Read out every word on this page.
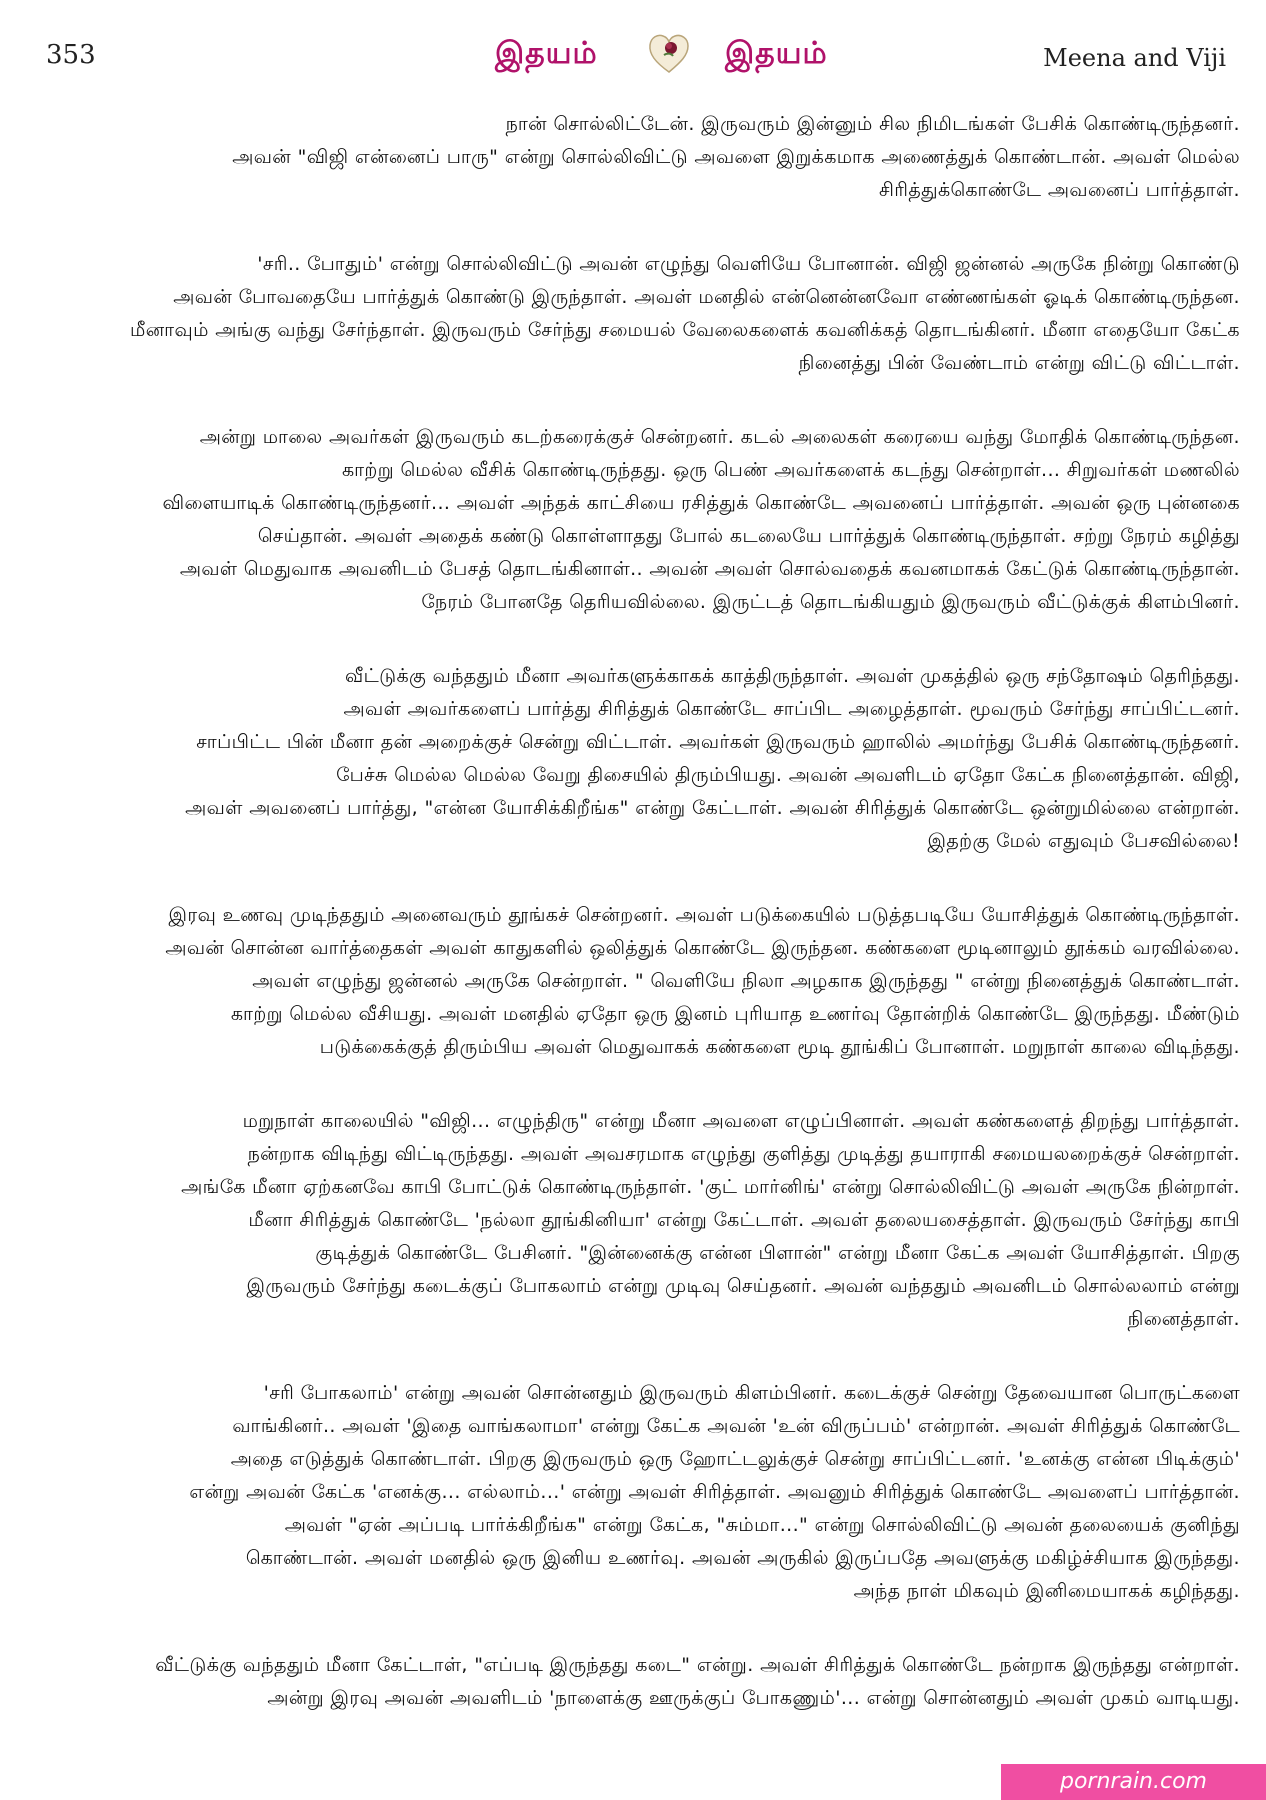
353	இதயம்	இதயம்	Meena and Viji
நான் சொல்லிட்டேன். இருவரும் இன்னும் சில நிமிடங்கள் பேசிக் கொண்டிருந்தனர்.
அவன் "விஜி என்னைப் பாரு" என்று சொல்லிவிட்டு அவளை இறுக்கமாக அணைத்துக் கொண்டான். அவள் மெல்ல
சிரித்துக்கொண்டே அவனைப் பார்த்தாள்.
'சரி.. போதும்' என்று சொல்லிவிட்டு அவன் எழுந்து வெளியே போனான். விஜி ஜன்னல் அருகே நின்று கொண்டு
அவன் போவதையே பார்த்துக் கொண்டு இருந்தாள். அவள் மனதில் என்னென்னவோ எண்ணங்கள் ஓடிக் கொண்டிருந்தன.
மீனாவும் அங்கு வந்து சேர்ந்தாள். இருவரும் சேர்ந்து சமையல் வேலைகளைக் கவனிக்கத் தொடங்கினர். மீனா எதையோ கேட்க
நினைத்து பின் வேண்டாம் என்று விட்டு விட்டாள்.
அன்று மாலை அவர்கள் இருவரும் கடற்கரைக்குச் சென்றனர். கடல் அலைகள் கரையை வந்து மோதிக் கொண்டிருந்தன.
காற்று மெல்ல வீசிக் கொண்டிருந்தது. ஒரு பெண் அவர்களைக் கடந்து சென்றாள்... சிறுவர்கள் மணலில்
விளையாடிக் கொண்டிருந்தனர்... அவள் அந்தக் காட்சியை ரசித்துக் கொண்டே அவனைப் பார்த்தாள். அவன் ஒரு புன்னகை
செய்தான். அவள் அதைக் கண்டு கொள்ளாதது போல் கடலையே பார்த்துக் கொண்டிருந்தாள். சற்று நேரம் கழித்து
அவள் மெதுவாக அவனிடம் பேசத் தொடங்கினாள்.. அவன் அவள் சொல்வதைக் கவனமாகக் கேட்டுக் கொண்டிருந்தான்.
நேரம் போனதே தெரியவில்லை. இருட்டத் தொடங்கியதும் இருவரும் வீட்டுக்குக் கிளம்பினர்.
வீட்டுக்கு வந்ததும் மீனா அவர்களுக்காகக் காத்திருந்தாள். அவள் முகத்தில் ஒரு சந்தோஷம் தெரிந்தது.
அவள் அவர்களைப் பார்த்து சிரித்துக் கொண்டே சாப்பிட அழைத்தாள். மூவரும் சேர்ந்து சாப்பிட்டனர்.
சாப்பிட்ட பின் மீனா தன் அறைக்குச் சென்று விட்டாள். அவர்கள் இருவரும் ஹாலில் அமர்ந்து பேசிக் கொண்டிருந்தனர்.
பேச்சு மெல்ல மெல்ல வேறு திசையில் திரும்பியது. அவன் அவளிடம் ஏதோ கேட்க நினைத்தான். விஜி,
அவள் அவனைப் பார்த்து, "என்ன யோசிக்கிறீங்க" என்று கேட்டாள். அவன் சிரித்துக் கொண்டே ஒன்றுமில்லை என்றான்.
இதற்கு மேல் எதுவும் பேசவில்லை!
இரவு உணவு முடிந்ததும் அனைவரும் தூங்கச் சென்றனர். அவள் படுக்கையில் படுத்தபடியே யோசித்துக் கொண்டிருந்தாள்.
அவன் சொன்ன வார்த்தைகள் அவள் காதுகளில் ஒலித்துக் கொண்டே இருந்தன. கண்களை மூடினாலும் தூக்கம் வரவில்லை.
அவள் எழுந்து ஜன்னல் அருகே சென்றாள். " வெளியே நிலா அழகாக இருந்தது " என்று நினைத்துக் கொண்டாள்.
காற்று மெல்ல வீசியது. அவள் மனதில் ஏதோ ஒரு இனம் புரியாத உணர்வு தோன்றிக் கொண்டே இருந்தது. மீண்டும்
படுக்கைக்குத் திரும்பிய அவள் மெதுவாகக் கண்களை மூடி தூங்கிப் போனாள். மறுநாள் காலை விடிந்தது.
மறுநாள் காலையில் "விஜி... எழுந்திரு" என்று மீனா அவளை எழுப்பினாள். அவள் கண்களைத் திறந்து பார்த்தாள்.
நன்றாக விடிந்து விட்டிருந்தது. அவள் அவசரமாக எழுந்து குளித்து முடித்து தயாராகி சமையலறைக்குச் சென்றாள்.
அங்கே மீனா ஏற்கனவே காபி போட்டுக் கொண்டிருந்தாள். 'குட் மார்னிங்' என்று சொல்லிவிட்டு அவள் அருகே நின்றாள்.
மீனா சிரித்துக் கொண்டே 'நல்லா தூங்கினியா' என்று கேட்டாள். அவள் தலையசைத்தாள். இருவரும் சேர்ந்து காபி
குடித்துக் கொண்டே பேசினர். "இன்னைக்கு என்ன பிளான்" என்று மீனா கேட்க அவள் யோசித்தாள். பிறகு
இருவரும் சேர்ந்து கடைக்குப் போகலாம் என்று முடிவு செய்தனர். அவன் வந்ததும் அவனிடம் சொல்லலாம் என்று
நினைத்தாள்.
'சரி போகலாம்' என்று அவன் சொன்னதும் இருவரும் கிளம்பினர். கடைக்குச் சென்று தேவையான பொருட்களை
வாங்கினர்.. அவள் 'இதை வாங்கலாமா' என்று கேட்க அவன் 'உன் விருப்பம்' என்றான். அவள் சிரித்துக் கொண்டே
அதை எடுத்துக் கொண்டாள். பிறகு இருவரும் ஒரு ஹோட்டலுக்குச் சென்று சாப்பிட்டனர். 'உனக்கு என்ன பிடிக்கும்'
என்று அவன் கேட்க 'எனக்கு... எல்லாம்...' என்று அவள் சிரித்தாள். அவனும் சிரித்துக் கொண்டே அவளைப் பார்த்தான்.
அவள் "ஏன் அப்படி பார்க்கிறீங்க" என்று கேட்க, "சும்மா..." என்று சொல்லிவிட்டு அவன் தலையைக் குனிந்து
கொண்டான். அவள் மனதில் ஒரு இனிய உணர்வு. அவன் அருகில் இருப்பதே அவளுக்கு மகிழ்ச்சியாக இருந்தது.
அந்த நாள் மிகவும் இனிமையாகக் கழிந்தது.
வீட்டுக்கு வந்ததும் மீனா கேட்டாள், "எப்படி இருந்தது கடை" என்று. அவள் சிரித்துக் கொண்டே நன்றாக இருந்தது என்றாள்.
அன்று இரவு அவன் அவளிடம் 'நாளைக்கு ஊருக்குப் போகணும்'... என்று சொன்னதும் அவள் முகம் வாடியது.
pornrain.com
